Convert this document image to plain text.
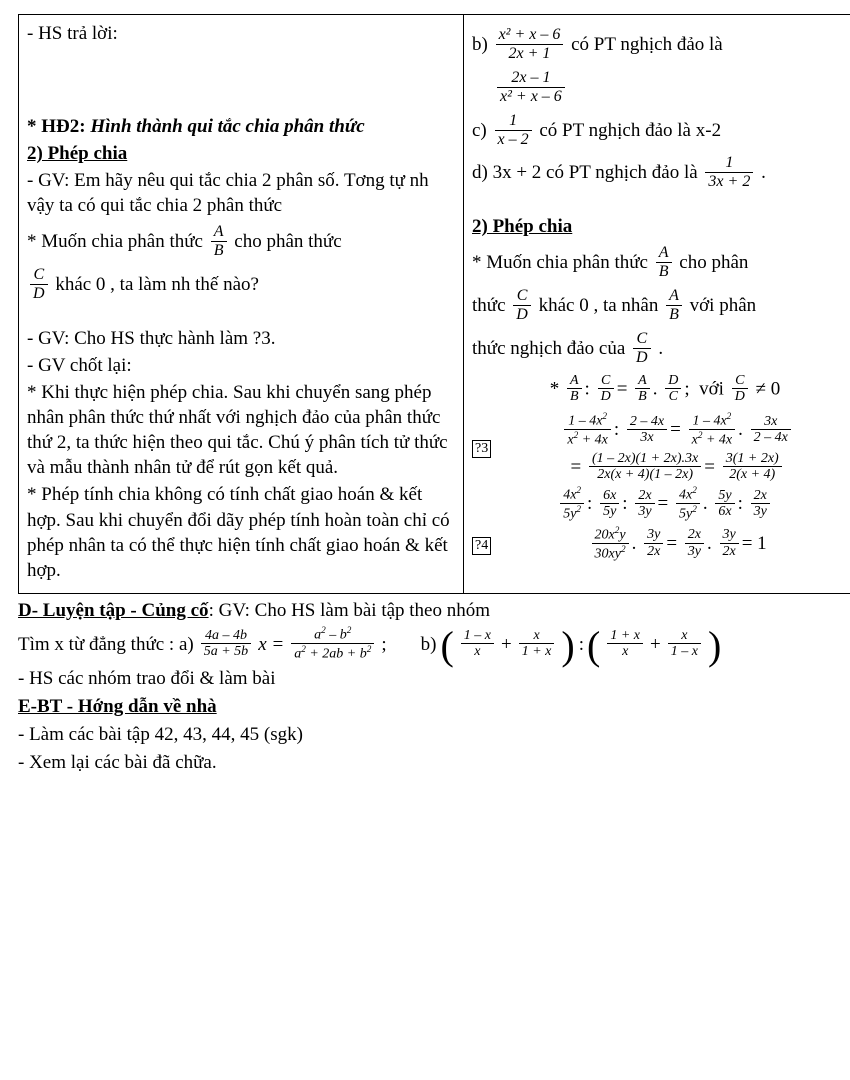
- HS trả lời:

* HĐ2: Hình thành qui tắc chia phân thức

2) Phép chia

- GV: Em hãy nêu qui tắc chia 2 phân số. Tơng tự nh vậy ta có qui tắc chia 2 phân thức

* Muốn chia phân thức $\frac{A}{B}$ cho phân thức

$\frac{C}{D}$ khác 0 , ta làm nh thế nào?

- GV: Cho HS thực hành làm ?3.

- GV chốt lại:

* Khi thực hiện phép chia. Sau khi chuyển sang phép nhân phân thức thứ nhất với nghịch đảo của phân thức thứ 2, ta thức hiện theo qui tắc. Chú ý phân tích tử thức và mẫu thành nhân tử để rút gọn kết quả.

* Phép tính chia không có tính chất giao hoán & kết hợp. Sau khi chuyển đổi dãy phép tính hoàn toàn chỉ có phép nhân ta có thể thực hiện tính chất giao hoán & kết hợp.

$b) \frac{\text{x² + x – 6}}{2x + 1}$ có PT nghịch đảo là

$\frac{2x - 1}{\text{x² + x – 6}}$

$c) \frac{1}{x - 2}$ có PT nghịch đảo là x-2

d) 3x + 2 có PT nghịch đảo là $\frac{1}{3x + 2}$ .

2) Phép chia

* Muốn chia phân thức $\frac{A}{B}$ cho phân

thức $\frac{C}{D}$ khác 0 , ta nhân $\frac{A}{B}$ với phân

thức nghịch đảo của $\frac{C}{D}$ .

* $\frac{A}{B}$ : $\frac{C}{D} = \frac{A}{B}$ . $\frac{D}{C}$ ; với $\frac{C}{D} \ne 0$

?3	$\frac{1 - 4x^2}{x^2 + 4x}$ : $\frac{2 - 4x}{3x} = \frac{1 - 4x^2}{x^2 + 4x}$ . $\frac{3x}{2 - 4x}$

= $\frac{(1 - 2x)(1 + 2x).3x}{2x(x + 4)(1 - 2x)} = \frac{3(1 + 2x)}{2(x + 4)}$

$\frac{4x^2}{5y^2}$ : $\frac{6x}{5y}$ : $\frac{2x}{3y} = \frac{4x^2}{5y^2}$ . $\frac{5y}{6x}$ : $\frac{2x}{3y}$

?4	$\frac{20x^2y}{30xy^2}$ . $\frac{3y}{2x} = \frac{2x}{3y}$ . $\frac{3y}{2x} = 1$

D- Luyện tập - Củng cố: GV: Cho HS làm bài tập theo nhóm

Tìm x từ đẳng thức : $a) \frac{4a - 4b}{5a + 5b}$ $x = \frac{a^2 - b^2}{a^2 + 2ab + b^2}$ ; b) ( $\frac{1 - x}{x} + \frac{x}{1 + x}$ ) : ( $\frac{1 + x}{x} + \frac{x}{1 - x}$ )

- HS các nhóm trao đổi & làm bài

E-BT - Hớng dẫn về nhà

- Làm các bài tập 42, 43, 44, 45 (sgk)

- Xem lại các bài đã chữa.
